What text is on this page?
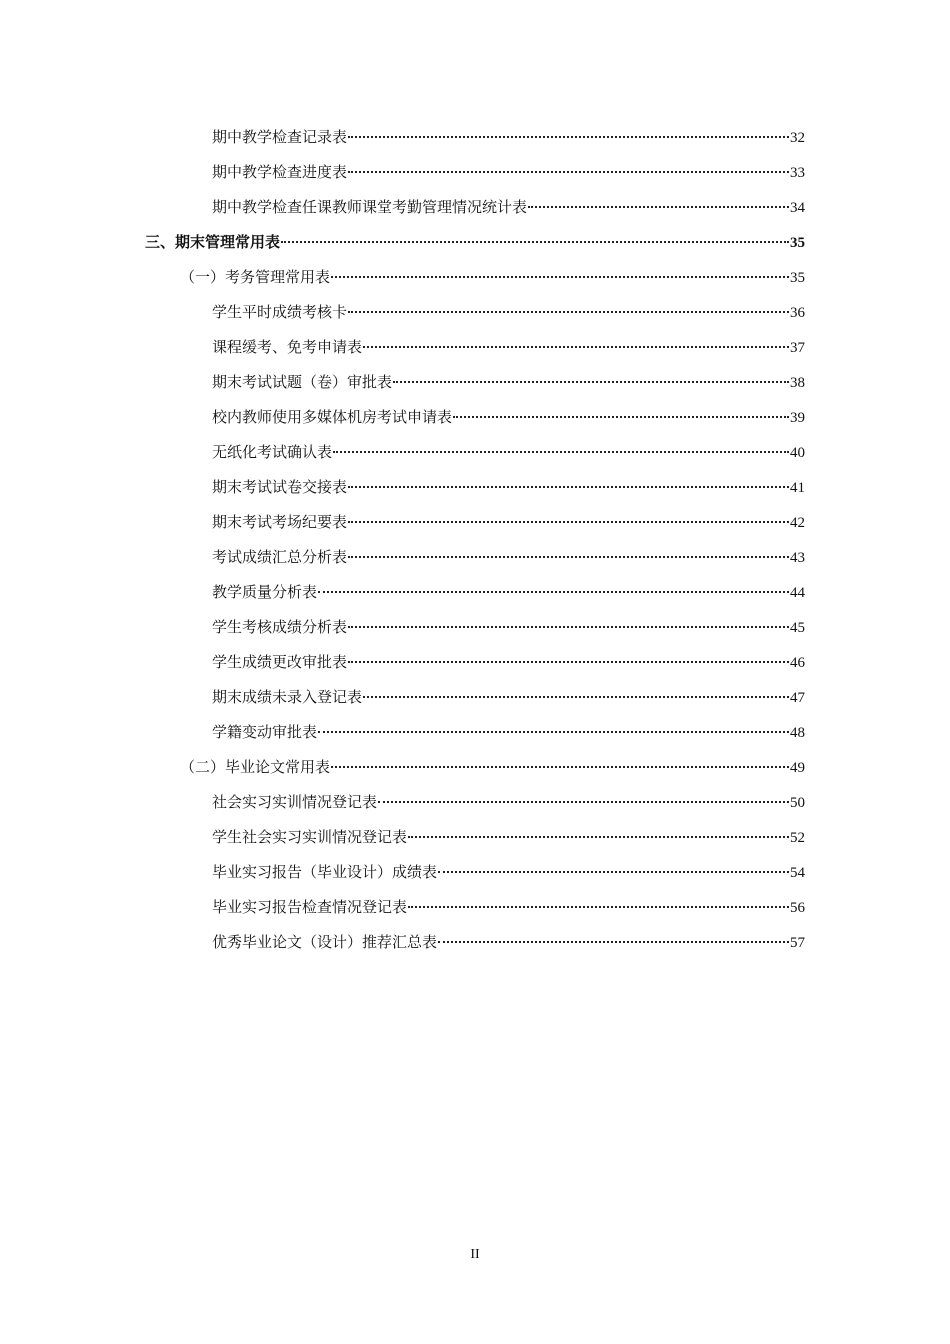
期中教学检查记录表	32
期中教学检查进度表	33
期中教学检查任课教师课堂考勤管理情况统计表	34
三、期末管理常用表	35
（一）考务管理常用表	35
学生平时成绩考核卡	36
课程缓考、免考申请表	37
期末考试试题（卷）审批表	38
校内教师使用多媒体机房考试申请表	39
无纸化考试确认表	40
期末考试试卷交接表	41
期末考试考场纪要表	42
考试成绩汇总分析表	43
教学质量分析表	44
学生考核成绩分析表	45
学生成绩更改审批表	46
期末成绩未录入登记表	47
学籍变动审批表	48
（二）毕业论文常用表	49
社会实习实训情况登记表	50
学生社会实习实训情况登记表	52
毕业实习报告（毕业设计）成绩表	54
毕业实习报告检查情况登记表	56
优秀毕业论文（设计）推荐汇总表	57
II
